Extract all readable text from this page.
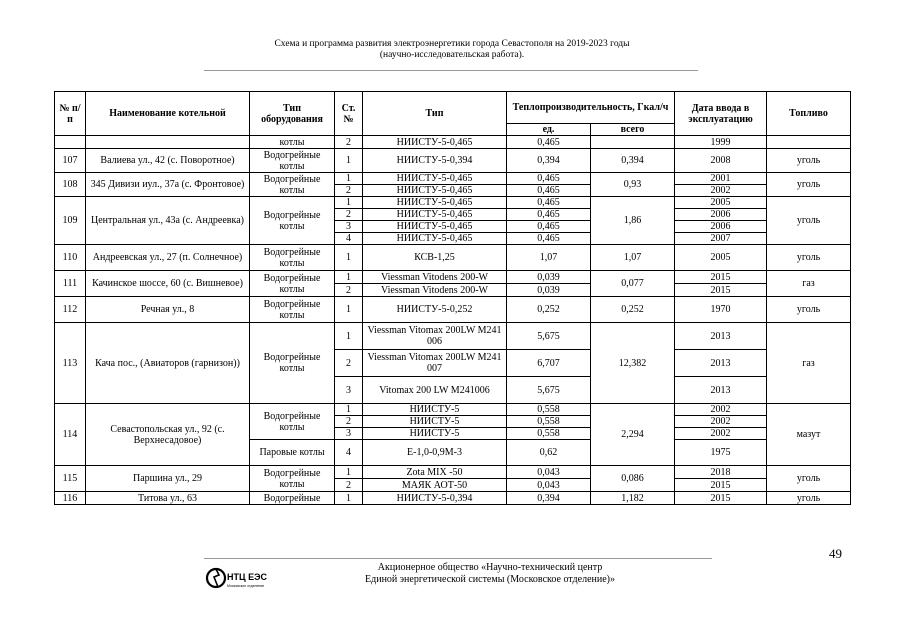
Схема и программа развития электроэнергетики города Севастополя на 2019-2023 годы
(научно-исследовательская работа).
№ п/п	Наименование котельной	Тип оборудования	Ст. №	Тип	Теплопроизводительность, Гкал/ч		Дата ввода в эксплуатацию	Топливо
					ед.	всего		
		котлы	2	НИИСТУ-5-0,465	0,465		1999	
107	Валиева ул., 42 (с. Поворотное)	Водогрейные котлы	1	НИИСТУ-5-0,394	0,394	0,394	2008	уголь
108	345 Дивизи иул., 37а (с. Фронтовое)	Водогрейные котлы	1	НИИСТУ-5-0,465	0,465	0,93	2001	уголь
			2	НИИСТУ-5-0,465	0,465		2002	
109	Центральная ул., 43а (с. Андреевка)	Водогрейные котлы	1	НИИСТУ-5-0,465	0,465	1,86	2005	уголь
			2	НИИСТУ-5-0,465	0,465		2006	
			3	НИИСТУ-5-0,465	0,465		2006	
			4	НИИСТУ-5-0,465	0,465		2007	
110	Андреевская ул., 27 (п. Солнечное)	Водогрейные котлы	1	КСВ-1,25	1,07	1,07	2005	уголь
111	Качинское шоссе, 60 (с. Вишневое)	Водогрейные котлы	1	Viessman Vitodens 200-W	0,039	0,077	2015	газ
			2	Viessman Vitodens 200-W	0,039		2015	
112	Речная ул., 8	Водогрейные котлы	1	НИИСТУ-5-0,252	0,252	0,252	1970	уголь
113	Кача пос., (Авиаторов (гарнизон))	Водогрейные котлы	1	Viessman Vitomax 200LW M241 006	5,675	12,382	2013	газ
			2	Viessman Vitomax 200LW M241 007	6,707		2013	
			3	Vitomax 200 LW M241006	5,675		2013	
114	Севастопольская ул., 92 (с. Верхнесадовое)	Водогрейные котлы	1	НИИСТУ-5	0,558	2,294	2002	мазут
			2	НИИСТУ-5	0,558		2002	
			3	НИИСТУ-5	0,558		2002	
		Паровые котлы	4	Е-1,0-0,9М-3	0,62		1975	
115	Паршина ул., 29	Водогрейные котлы	1	Zota MIX -50	0,043	0,086	2018	уголь
			2	МАЯК АОТ-50	0,043		2015	
116	Титова ул., 63	Водогрейные	1	НИИСТУ-5-0,394	0,394	1,182	2015	уголь
49
НТЦ ЕЭС
Московское отделение
Акционерное общество «Научно-технический центр
Единой энергетической системы (Московское отделение)»
